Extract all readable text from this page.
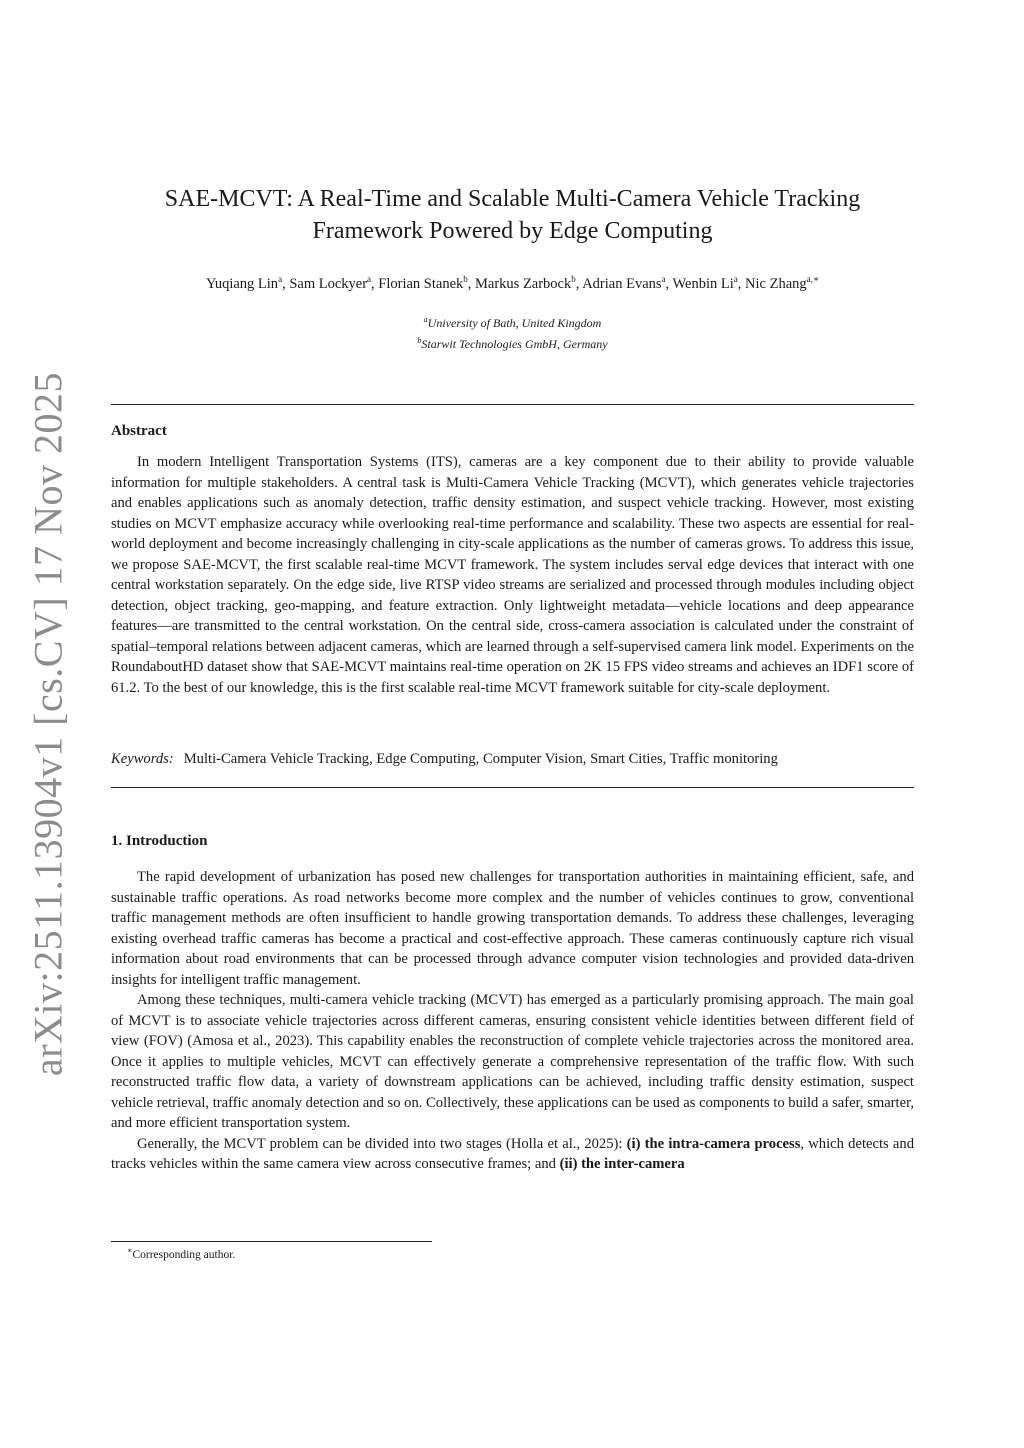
arXiv:2511.13904v1 [cs.CV] 17 Nov 2025
SAE-MCVT: A Real-Time and Scalable Multi-Camera Vehicle Tracking
Framework Powered by Edge Computing
Yuqiang Lin$^a$, Sam Lockyer$^a$, Florian Stanek$^b$, Markus Zarbock$^b$, Adrian Evans$^a$, Wenbin Li$^a$, Nic Zhang$^{a,∗}$
$^a$University of Bath, United Kingdom
$^b$Starwit Technologies GmbH, Germany
Abstract

In modern Intelligent Transportation Systems (ITS), cameras are a key component due to their ability to provide valuable information for multiple stakeholders. A central task is Multi-Camera Vehicle Tracking (MCVT), which generates vehicle trajectories and enables applications such as anomaly detection, traffic density estimation, and suspect vehicle tracking. However, most existing studies on MCVT emphasize accuracy while overlooking real-time performance and scalability. These two aspects are essential for real-world deployment and become increasingly challenging in city-scale applications as the number of cameras grows. To address this issue, we propose SAE-MCVT, the first scalable real-time MCVT framework. The system includes serval edge devices that interact with one central workstation separately. On the edge side, live RTSP video streams are serialized and processed through modules including object detection, object tracking, geo-mapping, and feature extraction. Only lightweight metadata—vehicle locations and deep appearance features—are transmitted to the central workstation. On the central side, cross-camera association is calculated under the constraint of spatial–temporal relations between adjacent cameras, which are learned through a self-supervised camera link model. Experiments on the RoundaboutHD dataset show that SAE-MCVT maintains real-time operation on 2K 15 FPS video streams and achieves an IDF1 score of 61.2. To the best of our knowledge, this is the first scalable real-time MCVT framework suitable for city-scale deployment.

Keywords: Multi-Camera Vehicle Tracking, Edge Computing, Computer Vision, Smart Cities, Traffic monitoring
1. Introduction

The rapid development of urbanization has posed new challenges for transportation authorities in maintaining efficient, safe, and sustainable traffic operations. As road networks become more complex and the number of vehicles continues to grow, conventional traffic management methods are often insufficient to handle growing transportation demands. To address these challenges, leveraging existing overhead traffic cameras has become a practical and cost-effective approach. These cameras continuously capture rich visual information about road environments that can be processed through advance computer vision technologies and provided data-driven insights for intelligent traffic management.

Among these techniques, multi-camera vehicle tracking (MCVT) has emerged as a particularly promising approach. The main goal of MCVT is to associate vehicle trajectories across different cameras, ensuring consistent vehicle identities between different field of view (FOV) (Amosa et al., 2023). This capability enables the reconstruction of complete vehicle trajectories across the monitored area. Once it applies to multiple vehicles, MCVT can effectively generate a comprehensive representation of the traffic flow. With such reconstructed traffic flow data, a variety of downstream applications can be achieved, including traffic density estimation, suspect vehicle retrieval, traffic anomaly detection and so on. Collectively, these applications can be used as components to build a safer, smarter, and more efficient transportation system.

Generally, the MCVT problem can be divided into two stages (Holla et al., 2025): (i) the intra-camera process, which detects and tracks vehicles within the same camera view across consecutive frames; and (ii) the inter-camera

∗Corresponding author.
